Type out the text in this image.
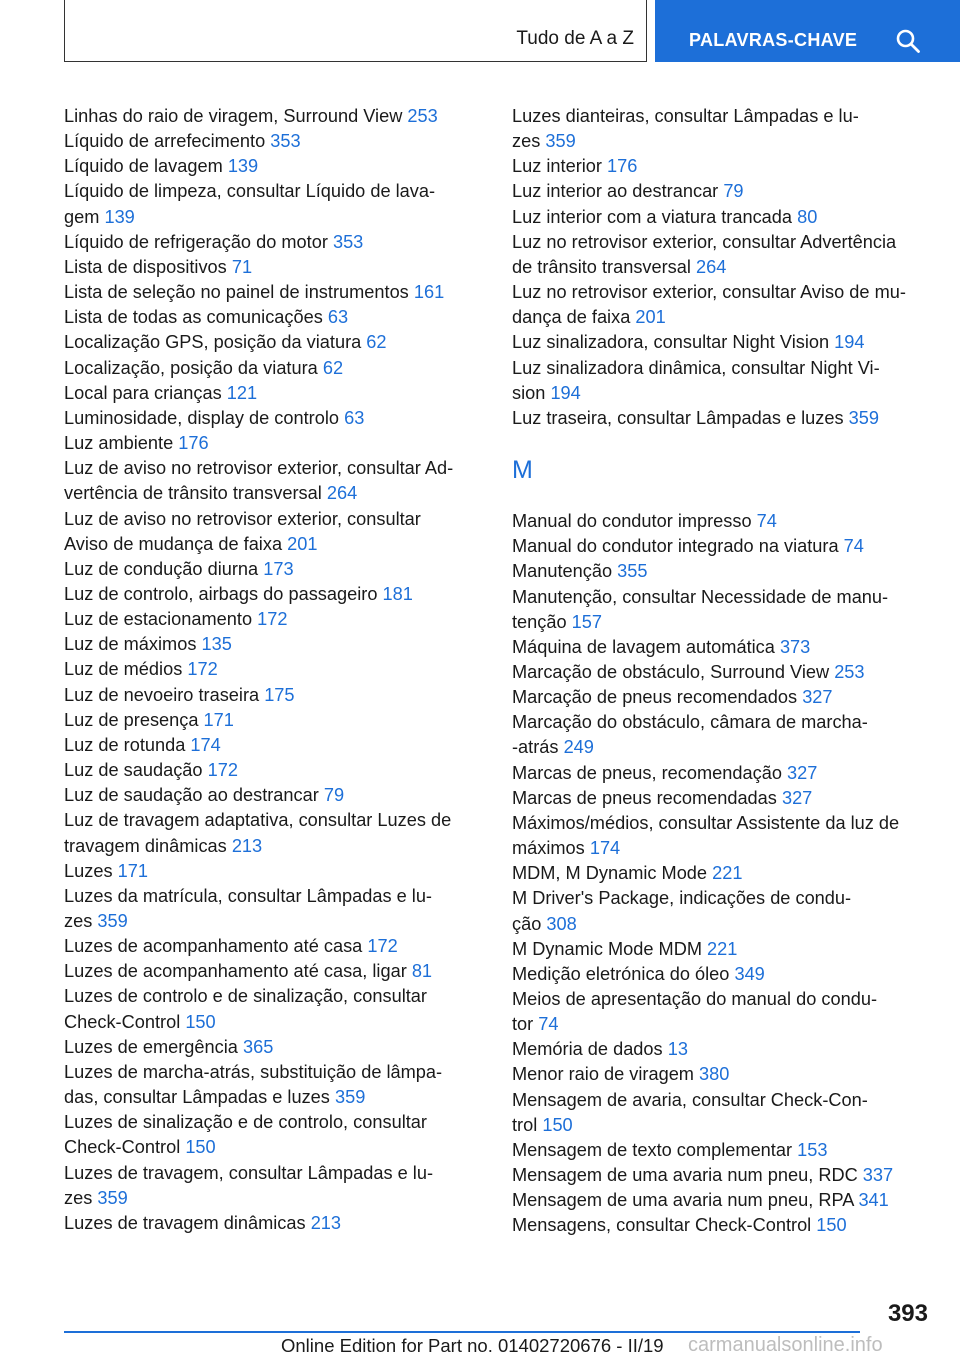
Tudo de A a Z	PALAVRAS-CHAVE
Linhas do raio de viragem, Surround View 253
Líquido de arrefecimento 353
Líquido de lavagem 139
Líquido de limpeza, consultar Líquido de lava-
gem 139
Líquido de refrigeração do motor 353
Lista de dispositivos 71
Lista de seleção no painel de instrumentos 161
Lista de todas as comunicações 63
Localização GPS, posição da viatura 62
Localização, posição da viatura 62
Local para crianças 121
Luminosidade, display de controlo 63
Luz ambiente 176
Luz de aviso no retrovisor exterior, consultar Ad-
vertência de trânsito transversal 264
Luz de aviso no retrovisor exterior, consultar
Aviso de mudança de faixa 201
Luz de condução diurna 173
Luz de controlo, airbags do passageiro 181
Luz de estacionamento 172
Luz de máximos 135
Luz de médios 172
Luz de nevoeiro traseira 175
Luz de presença 171
Luz de rotunda 174
Luz de saudação 172
Luz de saudação ao destrancar 79
Luz de travagem adaptativa, consultar Luzes de
travagem dinâmicas 213
Luzes 171
Luzes da matrícula, consultar Lâmpadas e lu-
zes 359
Luzes de acompanhamento até casa 172
Luzes de acompanhamento até casa, ligar 81
Luzes de controlo e de sinalização, consultar
Check-Control 150
Luzes de emergência 365
Luzes de marcha-atrás, substituição de lâmpa-
das, consultar Lâmpadas e luzes 359
Luzes de sinalização e de controlo, consultar
Check-Control 150
Luzes de travagem, consultar Lâmpadas e lu-
zes 359
Luzes de travagem dinâmicas 213
Luzes dianteiras, consultar Lâmpadas e lu-
zes 359
Luz interior 176
Luz interior ao destrancar 79
Luz interior com a viatura trancada 80
Luz no retrovisor exterior, consultar Advertência
de trânsito transversal 264
Luz no retrovisor exterior, consultar Aviso de mu-
dança de faixa 201
Luz sinalizadora, consultar Night Vision 194
Luz sinalizadora dinâmica, consultar Night Vi-
sion 194
Luz traseira, consultar Lâmpadas e luzes 359
M
Manual do condutor impresso 74
Manual do condutor integrado na viatura 74
Manutenção 355
Manutenção, consultar Necessidade de manu-
tenção 157
Máquina de lavagem automática 373
Marcação de obstáculo, Surround View 253
Marcação de pneus recomendados 327
Marcação do obstáculo, câmara de marcha-
-atrás 249
Marcas de pneus, recomendação 327
Marcas de pneus recomendadas 327
Máximos/médios, consultar Assistente da luz de
máximos 174
MDM, M Dynamic Mode 221
M Driver's Package, indicações de condu-
ção 308
M Dynamic Mode MDM 221
Medição eletrónica do óleo 349
Meios de apresentação do manual do condu-
tor 74
Memória de dados 13
Menor raio de viragem 380
Mensagem de avaria, consultar Check-Con-
trol 150
Mensagem de texto complementar 153
Mensagem de uma avaria num pneu, RDC 337
Mensagem de uma avaria num pneu, RPA 341
Mensagens, consultar Check-Control 150
393
Online Edition for Part no. 01402720676 - II/19 carmanualsonline.info
